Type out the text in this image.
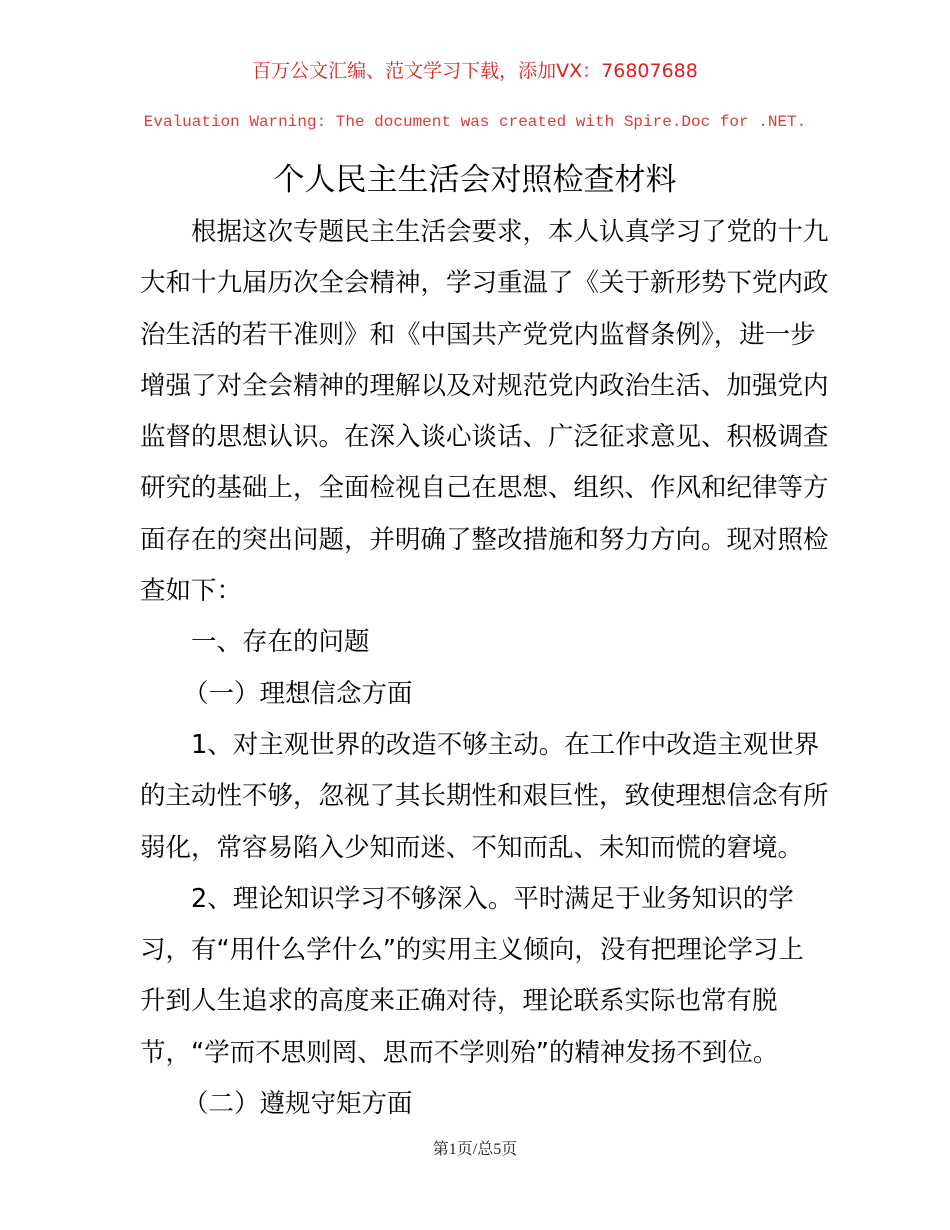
百万公文汇编、范文学习下载，添加VX：76807688
Evaluation Warning: The document was created with Spire.Doc for .NET.
个人民主生活会对照检查材料
根据这次专题民主生活会要求，本人认真学习了党的十九
大和十九届历次全会精神，学习重温了《关于新形势下党内政
治生活的若干准则》和《中国共产党党内监督条例》，进一步
增强了对全会精神的理解以及对规范党内政治生活、加强党内
监督的思想认识。在深入谈心谈话、广泛征求意见、积极调查
研究的基础上，全面检视自己在思想、组织、作风和纪律等方
面存在的突出问题，并明确了整改措施和努力方向。现对照检
查如下：
一、存在的问题
（一）理想信念方面
1、对主观世界的改造不够主动。在工作中改造主观世界
的主动性不够，忽视了其长期性和艰巨性，致使理想信念有所
弱化，常容易陷入少知而迷、不知而乱、未知而慌的窘境。
2、理论知识学习不够深入。平时满足于业务知识的学
习，有“用什么学什么”的实用主义倾向，没有把理论学习上
升到人生追求的高度来正确对待，理论联系实际也常有脱
节，“学而不思则罔、思而不学则殆”的精神发扬不到位。
（二）遵规守矩方面
第1页/总5页
